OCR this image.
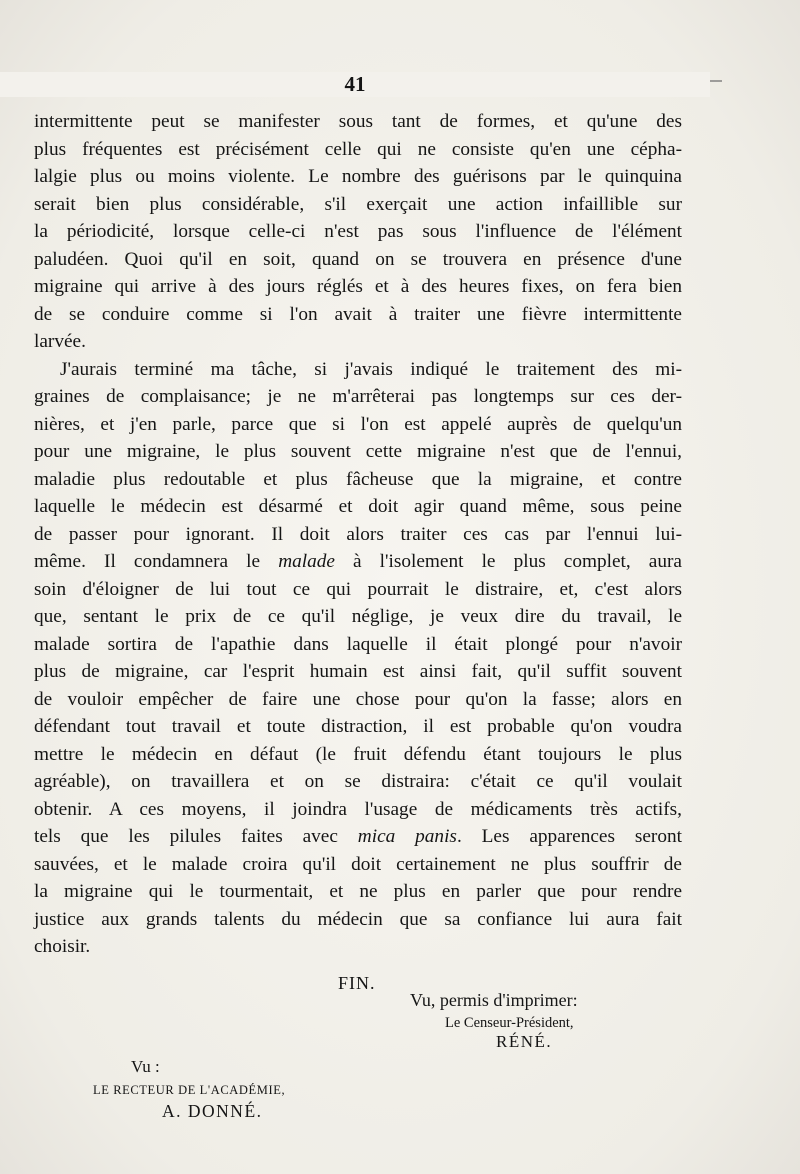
41
intermittente peut se manifester sous tant de formes, et qu'une des
plus fréquentes est précisément celle qui ne consiste qu'en une cépha-
lalgie plus ou moins violente. Le nombre des guérisons par le quinquina
serait bien plus considérable, s'il exerçait une action infaillible sur
la périodicité, lorsque celle-ci n'est pas sous l'influence de l'élément
paludéen. Quoi qu'il en soit, quand on se trouvera en présence d'une
migraine qui arrive à des jours réglés et à des heures fixes, on fera bien
de se conduire comme si l'on avait à traiter une fièvre intermittente
larvée.
J'aurais terminé ma tâche, si j'avais indiqué le traitement des mi-
graines de complaisance; je ne m'arrêterai pas longtemps sur ces der-
nières, et j'en parle, parce que si l'on est appelé auprès de quelqu'un
pour une migraine, le plus souvent cette migraine n'est que de l'ennui,
maladie plus redoutable et plus fâcheuse que la migraine, et contre
laquelle le médecin est désarmé et doit agir quand même, sous peine
de passer pour ignorant. Il doit alors traiter ces cas par l'ennui lui-
même. Il condamnera le malade à l'isolement le plus complet, aura
soin d'éloigner de lui tout ce qui pourrait le distraire, et, c'est alors
que, sentant le prix de ce qu'il néglige, je veux dire du travail, le
malade sortira de l'apathie dans laquelle il était plongé pour n'avoir
plus de migraine, car l'esprit humain est ainsi fait, qu'il suffit souvent
de vouloir empêcher de faire une chose pour qu'on la fasse; alors en
défendant tout travail et toute distraction, il est probable qu'on voudra
mettre le médecin en défaut (le fruit défendu étant toujours le plus
agréable), on travaillera et on se distraira: c'était ce qu'il voulait
obtenir. A ces moyens, il joindra l'usage de médicaments très actifs,
tels que les pilules faites avec mica panis. Les apparences seront
sauvées, et le malade croira qu'il doit certainement ne plus souffrir de
la migraine qui le tourmentait, et ne plus en parler que pour rendre
justice aux grands talents du médecin que sa confiance lui aura fait
choisir.
FIN.
Vu, permis d'imprimer:
Le Censeur-Président,
RÉNÉ.
Vu :
LE RECTEUR DE L'ACADÉMIE,
A. DONNÉ.
